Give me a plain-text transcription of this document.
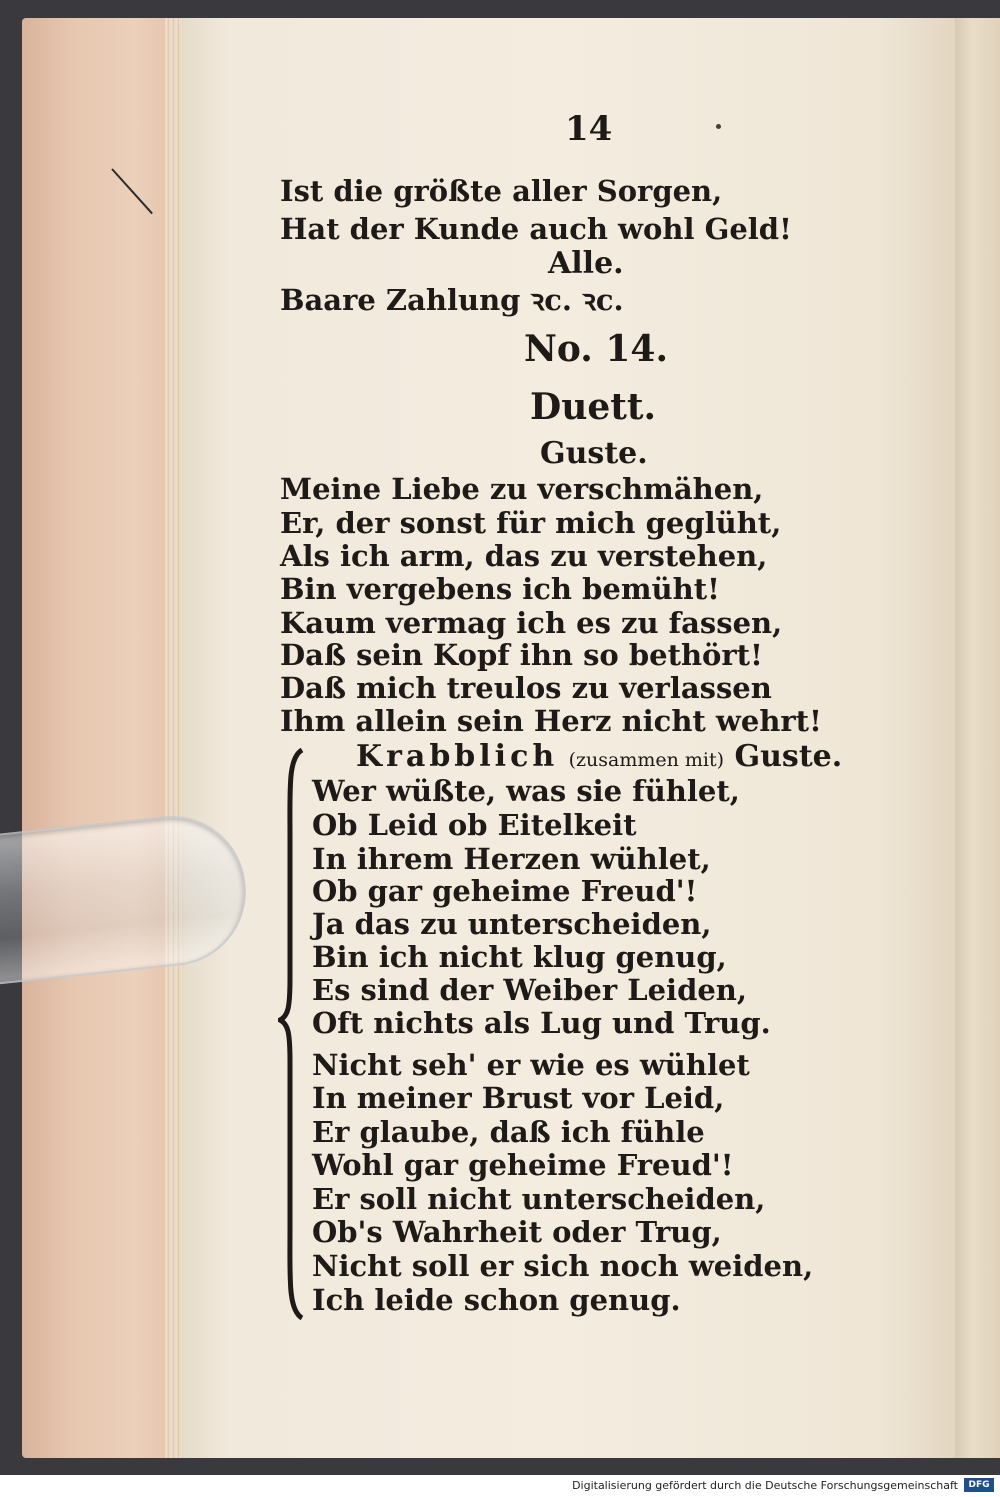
14
Ist die größte aller Sorgen,
Hat der Kunde auch wohl Geld!
Alle.
Baare Zahlung ꝛc. ꝛc.
No. 14.
Duett.
Guste.
Meine Liebe zu verschmähen,
Er, der sonst für mich geglüht,
Als ich arm, das zu verstehen,
Bin vergebens ich bemüht!
Kaum vermag ich es zu fassen,
Daß sein Kopf ihn so bethört!
Daß mich treulos zu verlassen
Ihm allein sein Herz nicht wehrt!
Krabblich (zusammen mit) Guste.
Wer wüßte, was sie fühlet,
Ob Leid ob Eitelkeit
In ihrem Herzen wühlet,
Ob gar geheime Freud'!
Ja das zu unterscheiden,
Bin ich nicht klug genug,
Es sind der Weiber Leiden,
Oft nichts als Lug und Trug.
Nicht seh' er wie es wühlet
In meiner Brust vor Leid,
Er glaube, daß ich fühle
Wohl gar geheime Freud'!
Er soll nicht unterscheiden,
Ob's Wahrheit oder Trug,
Nicht soll er sich noch weiden,
Ich leide schon genug.
Digitalisierung gefördert durch die Deutsche Forschungsgemeinschaft	DFG
